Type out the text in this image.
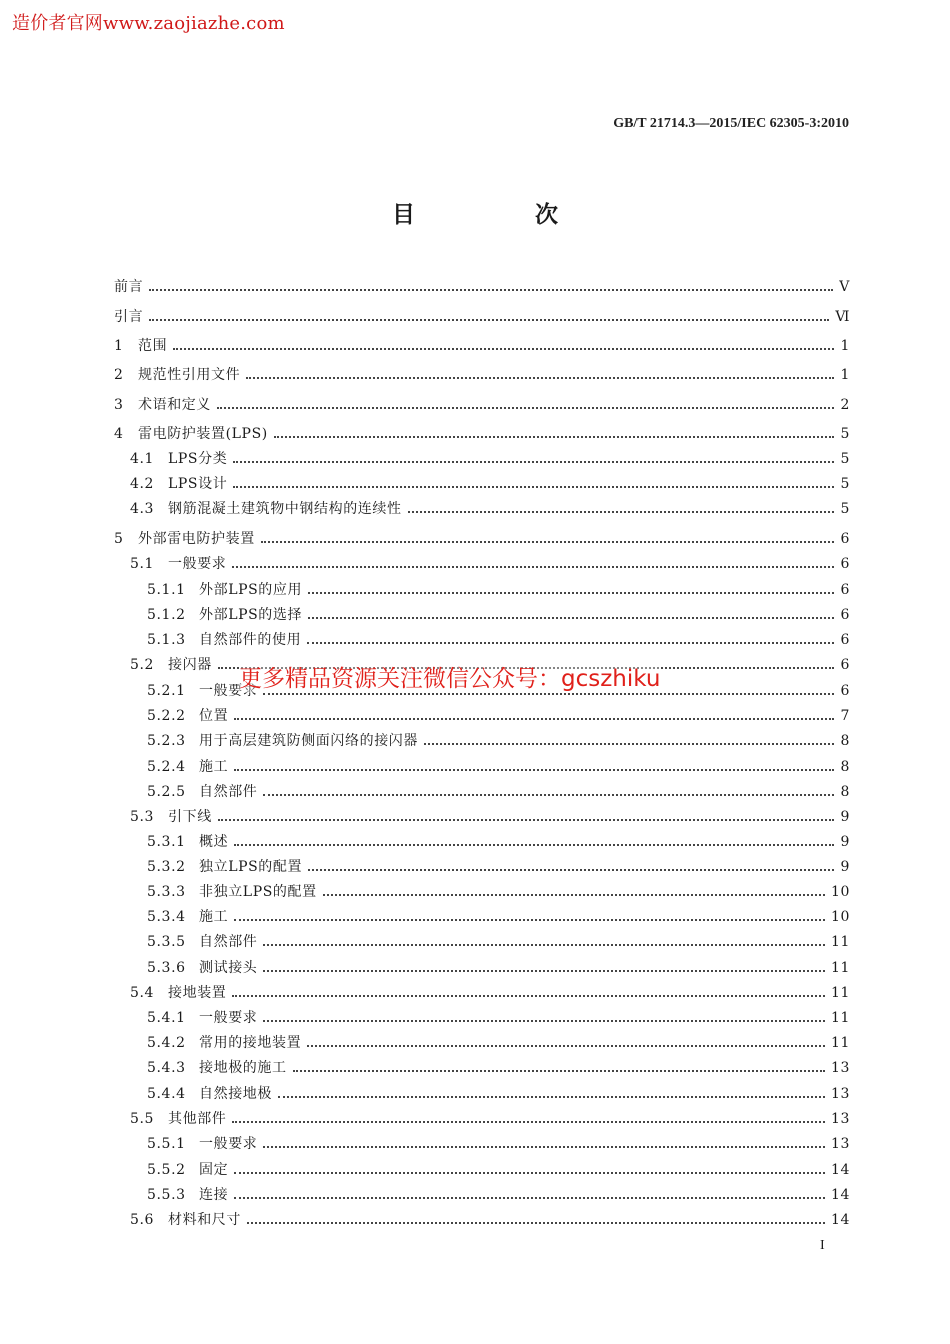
造价者官网www.zaojiazhe.com
GB/T 21714.3—2015/IEC 62305-3:2010
目 次
前言	Ⅴ
引言	Ⅵ
1	范围	1
2	规范性引用文件	1
3	术语和定义	2
4	雷电防护装置(LPS)	5
4.1 LPS分类	5
4.2 LPS设计	5
4.3 钢筋混凝土建筑物中钢结构的连续性	5
5	外部雷电防护装置	6
5.1 一般要求	6
5.1.1 外部LPS的应用	6
5.1.2 外部LPS的选择	6
5.1.3 自然部件的使用	6
5.2 接闪器	6
5.2.1 一般要求	6
5.2.2 位置	7
5.2.3 用于高层建筑防侧面闪络的接闪器	8
5.2.4 施工	8
5.2.5 自然部件	8
5.3 引下线	9
5.3.1 概述	9
5.3.2 独立LPS的配置	9
5.3.3 非独立LPS的配置	10
5.3.4 施工	10
5.3.5 自然部件	11
5.3.6 测试接头	11
5.4 接地装置	11
5.4.1 一般要求	11
5.4.2 常用的接地装置	11
5.4.3 接地极的施工	13
5.4.4 自然接地极	13
5.5 其他部件	13
5.5.1 一般要求	13
5.5.2 固定	14
5.5.3 连接	14
5.6 材料和尺寸	14
更多精品资源关注微信公众号：gcszhiku
I
